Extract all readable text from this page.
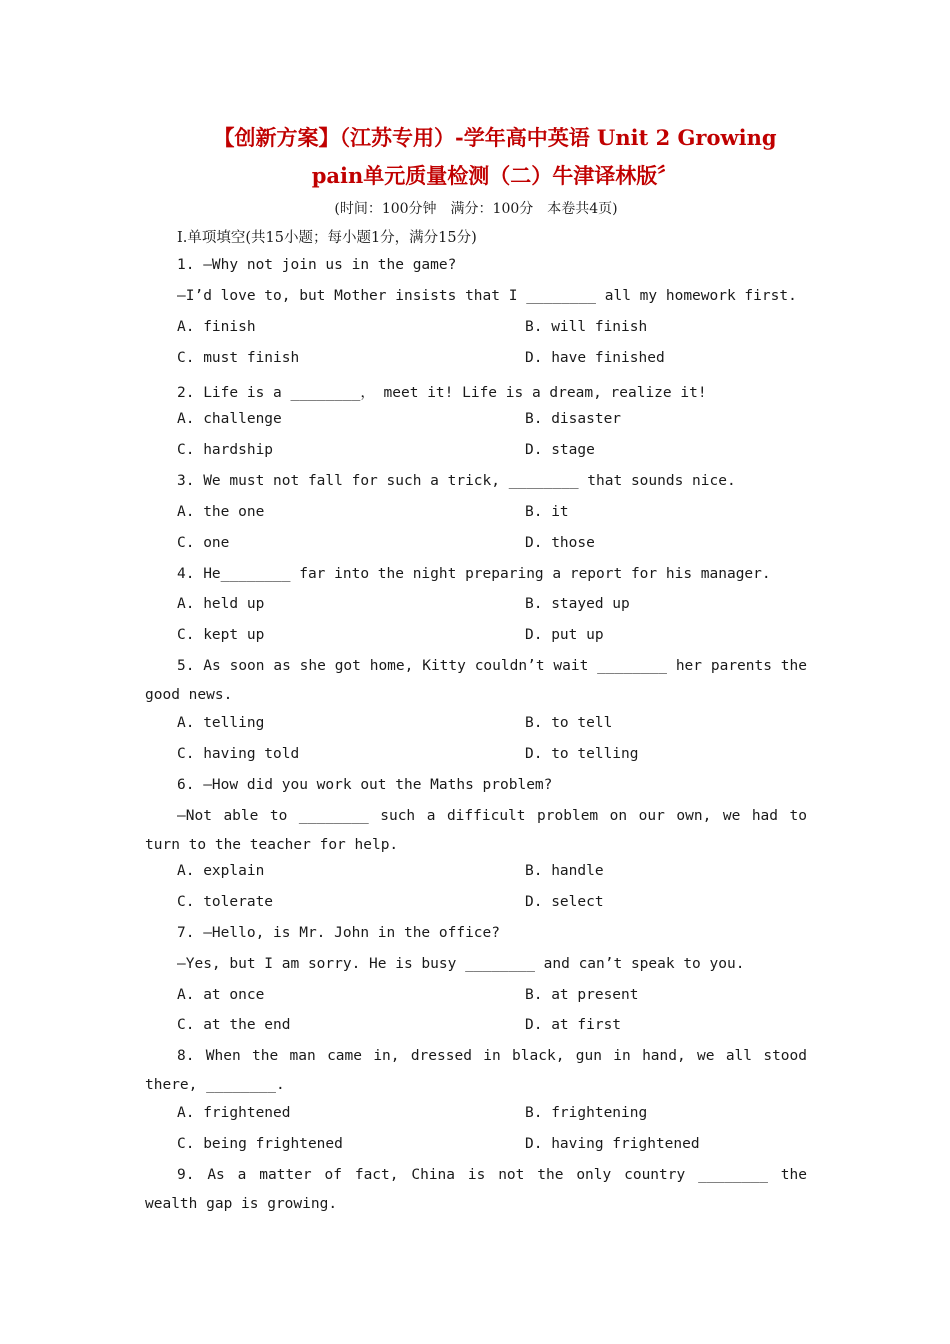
【创新方案】（江苏专用）-学年高中英语 Unit 2 Growing
pain单元质量检测（二）牛津译林版〞
(时间：100分钟　满分：100分　本卷共4页)
Ⅰ.单项填空(共15小题；每小题1分，满分15分)
1. —Why not join us in the game?
—I’d love to, but Mother insists that I ________ all my homework first.
A. finish	B. will finish
C. must finish	D. have finished
2. Life is a ________， meet it! Life is a dream, realize it!
A. challenge	B. disaster
C. hardship	D. stage
3. We must not fall for such a trick, ________ that sounds nice.
A. the one	B. it
C. one	D. those
4. He________ far into the night preparing a report for his manager.
A. held up	B. stayed up
C. kept up	D. put up
5. As soon as she got home, Kitty couldn’t wait ________ her parents the good news.
A. telling	B. to tell
C. having told	D. to telling
6. —How did you work out the Maths problem?
—Not able to ________ such a difficult problem on our own, we had to turn to the teacher for help.
A. explain	B. handle
C. tolerate	D. select
7. —Hello, is Mr. John in the office?
—Yes, but I am sorry. He is busy ________ and can’t speak to you.
A. at once	B. at present
C. at the end	D. at first
8. When the man came in, dressed in black, gun in hand, we all stood there, ________.
A. frightened	B. frightening
C. being frightened	D. having frightened
9. As a matter of fact, China is not the only country ________ the wealth gap is growing.
